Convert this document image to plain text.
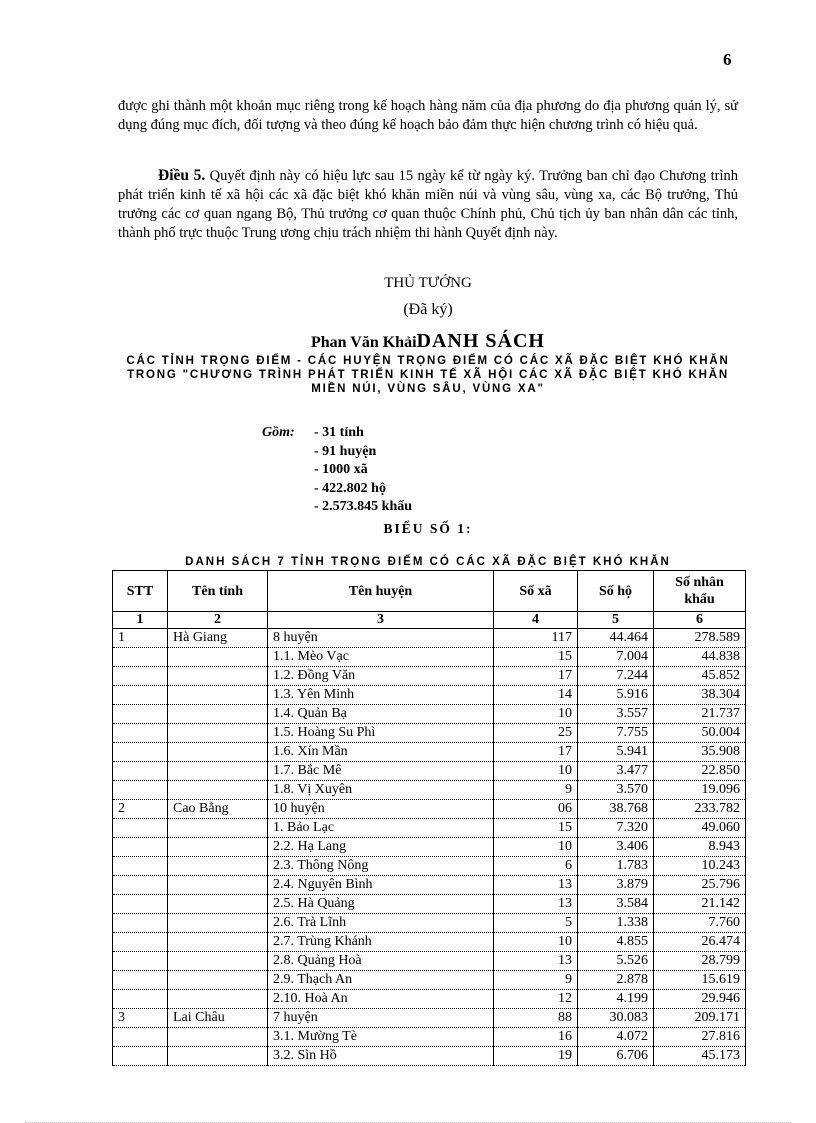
6

được ghi thành một khoản mục riêng trong kế hoạch hàng năm của địa phương do địa phương quản lý, sử dụng đúng mục đích, đối tượng và theo đúng kế hoạch bảo đảm thực hiện chương trình có hiệu quả.

Điều 5. Quyết định này có hiệu lực sau 15 ngày kể từ ngày ký. Trưởng ban chỉ đạo Chương trình phát triển kinh tế xã hội các xã đặc biệt khó khăn miền núi và vùng sâu, vùng xa, các Bộ trưởng, Thủ trưởng các cơ quan ngang Bộ, Thủ trưởng cơ quan thuộc Chính phủ, Chủ tịch ủy ban nhân dân các tỉnh, thành phố trực thuộc Trung ương chịu trách nhiệm thi hành Quyết định này.

THỦ TƯỚNG
(Đã ký)
Phan Văn KhảiDANH SÁCH
CÁC TỈNH TRỌNG ĐIỂM - CÁC HUYỆN TRỌNG ĐIỂM CÓ CÁC XÃ ĐẶC BIỆT KHÓ KHĂN TRONG "CHƯƠNG TRÌNH PHÁT TRIỂN KINH TẾ XÃ HỘI CÁC XÃ ĐẶC BIỆT KHÓ KHĂN MIỀN NÚI, VÙNG SÂU, VÙNG XA"
Gồm: - 31 tỉnh
- 91 huyện
- 1000 xã
- 422.802 hộ
- 2.573.845 khẩu
BIỂU SỐ 1:
DANH SÁCH 7 TỈNH TRỌNG ĐIỂM CÓ CÁC XÃ ĐẶC BIỆT KHÓ KHĂN
STT	Tên tỉnh	Tên huyện	Số xã	Số hộ	Số nhân khẩu
1	2	3	4	5	6
1	Hà Giang	8 huyện	117	44.464	278.589
		1.1. Mèo Vạc	15	7.004	44.838
		1.2. Đồng Văn	17	7.244	45.852
		1.3. Yên Minh	14	5.916	38.304
		1.4. Quản Bạ	10	3.557	21.737
		1.5. Hoàng Su Phì	25	7.755	50.004
		1.6. Xín Mần	17	5.941	35.908
		1.7. Bắc Mê	10	3.477	22.850
		1.8. Vị Xuyên	9	3.570	19.096
2	Cao Bằng	10 huyện	06	38.768	233.782
		1. Bảo Lạc	15	7.320	49.060
		2.2. Hạ Lang	10	3.406	8.943
		2.3. Thông Nông	6	1.783	10.243
		2.4. Nguyên Bình	13	3.879	25.796
		2.5. Hà Quảng	13	3.584	21.142
		2.6. Trà Lĩnh	5	1.338	7.760
		2.7. Trùng Khánh	10	4.855	26.474
		2.8. Quảng Hoà	13	5.526	28.799
		2.9. Thạch An	9	2.878	15.619
		2.10. Hoà An	12	4.199	29.946
3	Lai Châu	7 huyện	88	30.083	209.171
		3.1. Mường Tè	16	4.072	27.816
		3.2. Sìn Hồ	19	6.706	45.173
